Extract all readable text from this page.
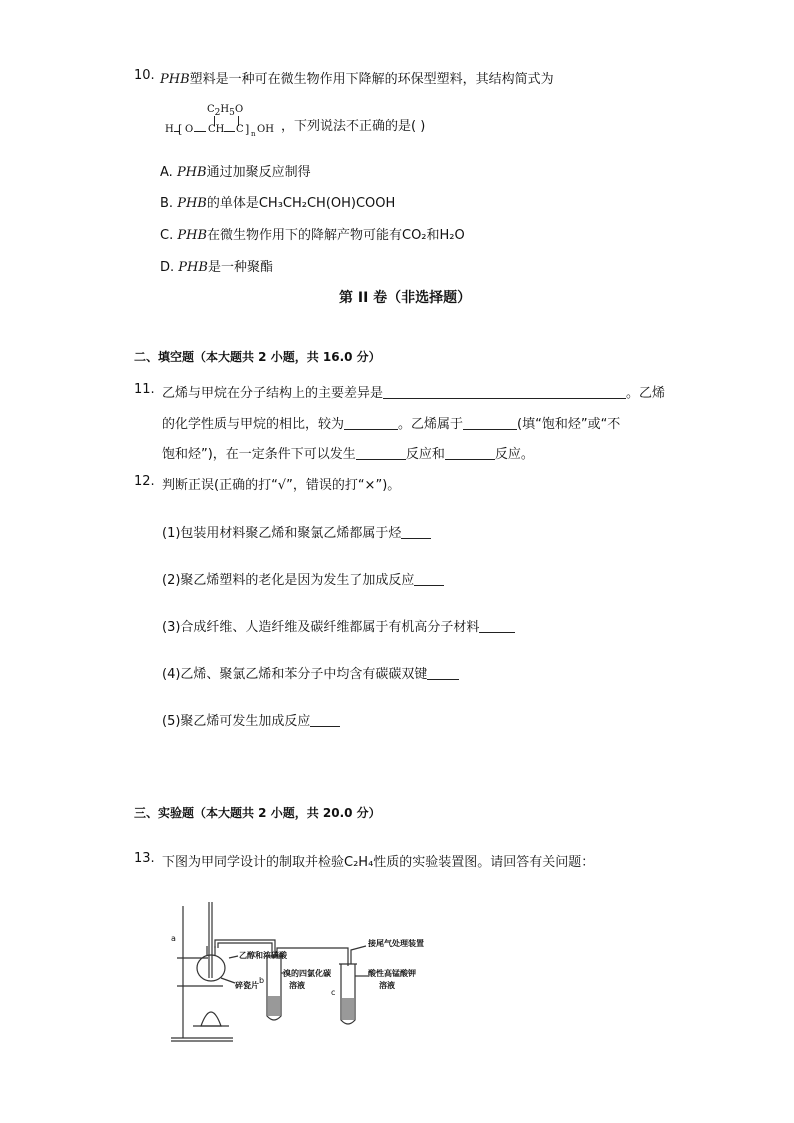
10. PHB塑料是一种可在微生物作用下降解的环保型塑料，其结构简式为
C2H5 O
H [ O CH C ] n OH ，下列说法不正确的是( )
A. PHB通过加聚反应制得
B. PHB的单体是CH₃CH₂CH(OH)COOH
C. PHB在微生物作用下的降解产物可能有CO₂和H₂O
D. PHB是一种聚酯
第 II 卷（非选择题）
二、填空题（本大题共 2 小题，共 16.0 分）
11. 乙烯与甲烷在分子结构上的主要差异是	。乙烯
的化学性质与甲烷的相比，较为	。乙烯属于	(填“饱和烃”或“不
饱和烃”)，在一定条件下可以发生	反应和	反应。
12. 判断正误(正确的打“√”，错误的打“×”)。
(1)包装用材料聚乙烯和聚氯乙烯都属于烃
(2)聚乙烯塑料的老化是因为发生了加成反应
(3)合成纤维、人造纤维及碳纤维都属于有机高分子材料
(4)乙烯、聚氯乙烯和苯分子中均含有碳碳双键
(5)聚乙烯可发生加成反应
三、实验题（本大题共 2 小题，共 20.0 分）
13. 下图为甲同学设计的制取并检验C₂H₄性质的实验装置图。请回答有关问题：
a
b
c
乙醇和浓硫酸
碎瓷片
溴的四氯化碳
溶液
接尾气处理装置
酸性高锰酸钾
溶液
